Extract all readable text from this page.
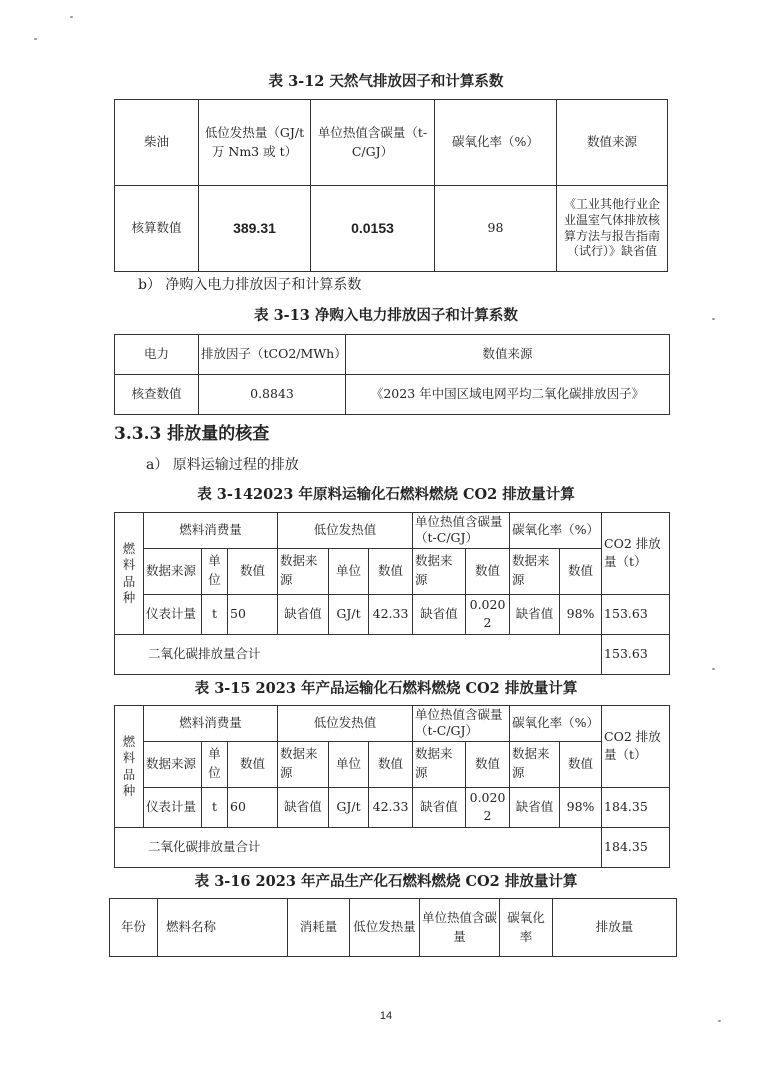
表 3-12 天然气排放因子和计算系数
柴油	低位发热量（GJ/t 万 Nm3 或 t）	单位热值含碳量（t-C/GJ）	碳氧化率（%）	数值来源
核算数值	389.31	0.0153	98	《工业其他行业企业温室气体排放核算方法与报告指南（试行）》缺省值
b） 净购入电力排放因子和计算系数
表 3-13 净购入电力排放因子和计算系数
电力	排放因子（tCO2/MWh）	数值来源
核查数值	0.8843	《2023 年中国区域电网平均二氧化碳排放因子》
3.3.3 排放量的核查
a） 原料运输过程的排放
表 3-142023 年原料运输化石燃料燃烧 CO2 排放量计算
燃料品种	燃料消费量			低位发热值			单位热值含碳量（t-C/GJ）		碳氧化率（%）		CO2 排放量（t）
	数据来源	单位	数值	数据来源	单位	数值	数据来源	数值	数据来源	数值	
	仪表计量	t	50	缺省值	GJ/t	42.33	缺省值	0.0202	缺省值	98%	153.63
二氧化碳排放量合计											153.63
表 3-15 2023 年产品运输化石燃料燃烧 CO2 排放量计算
燃料品种	燃料消费量			低位发热值			单位热值含碳量（t-C/GJ）		碳氧化率（%）		CO2 排放量（t）
	数据来源	单位	数值	数据来源	单位	数值	数据来源	数值	数据来源	数值	
	仪表计量	t	60	缺省值	GJ/t	42.33	缺省值	0.0202	缺省值	98%	184.35
二氧化碳排放量合计											184.35
表 3-16 2023 年产品生产化石燃料燃烧 CO2 排放量计算
年份	燃料名称	消耗量	低位发热量	单位热值含碳量	碳氧化率	排放量
14
